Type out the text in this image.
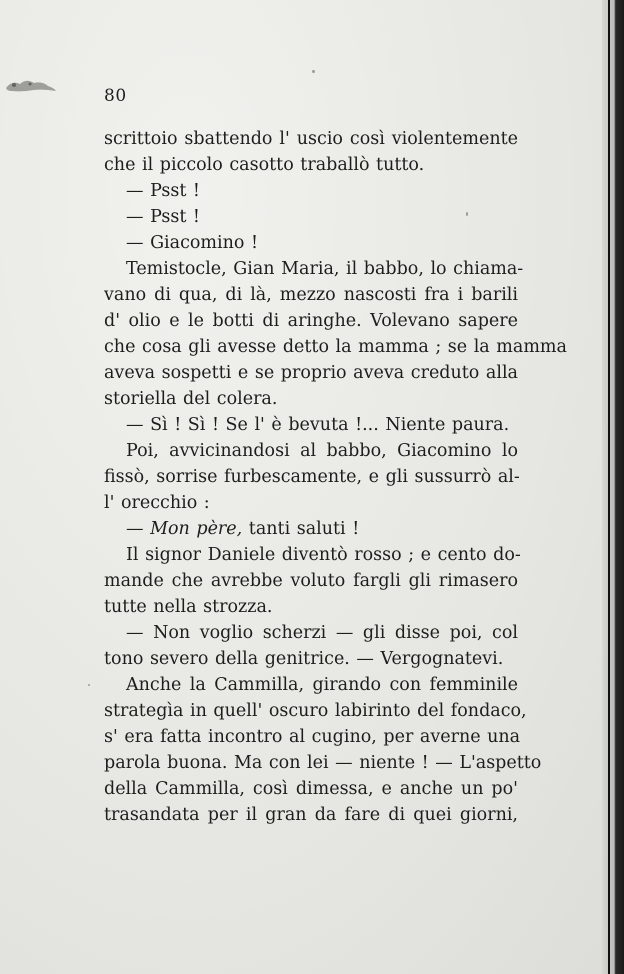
80
scrittoio sbattendo l' uscio così violentemente
che il piccolo casotto traballò tutto.
— Psst !
— Psst !
— Giacomino !
Temistocle, Gian Maria, il babbo, lo chiama-
vano di qua, di là, mezzo nascosti fra i barili
d' olio e le botti di aringhe. Volevano sapere
che cosa gli avesse detto la mamma ; se la mamma
aveva sospetti e se proprio aveva creduto alla
storiella del colera.
— Sì ! Sì ! Se l' è bevuta !... Niente paura.
Poi, avvicinandosi al babbo, Giacomino lo
fissò, sorrise furbescamente, e gli sussurrò al-
l' orecchio :
— Mon père, tanti saluti !
Il signor Daniele diventò rosso ; e cento do-
mande che avrebbe voluto fargli gli rimasero
tutte nella strozza.
— Non voglio scherzi — gli disse poi, col
tono severo della genitrice. — Vergognatevi.
Anche la Cammilla, girando con femminile
strategìa in quell' oscuro labirinto del fondaco,
s' era fatta incontro al cugino, per averne una
parola buona. Ma con lei — niente ! — L'aspetto
della Cammilla, così dimessa, e anche un po'
trasandata per il gran da fare di quei giorni,
